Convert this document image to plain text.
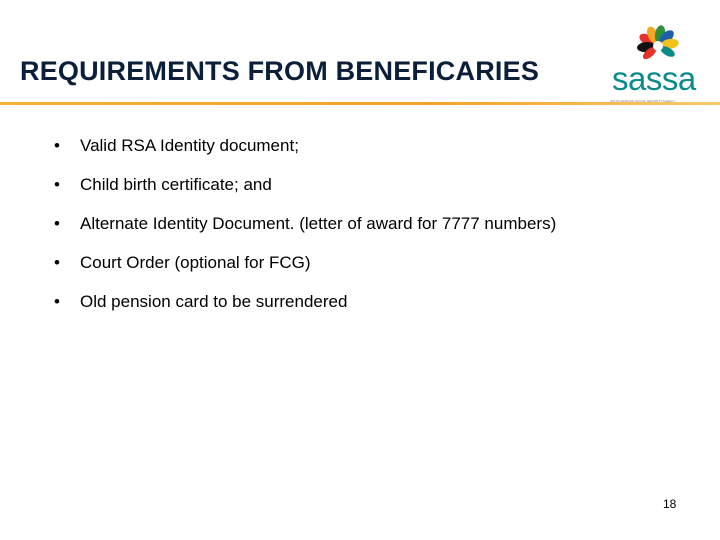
REQUIREMENTS FROM BENEFICARIES sassa
SOUTH AFRICAN SOCIAL SECURITY AGENCY
•	Valid RSA Identity document;
•	Child birth certificate; and
•	Alternate Identity Document. (letter of award for 7777 numbers)
•	Court Order (optional for FCG)
•	Old pension card to be surrendered
18
